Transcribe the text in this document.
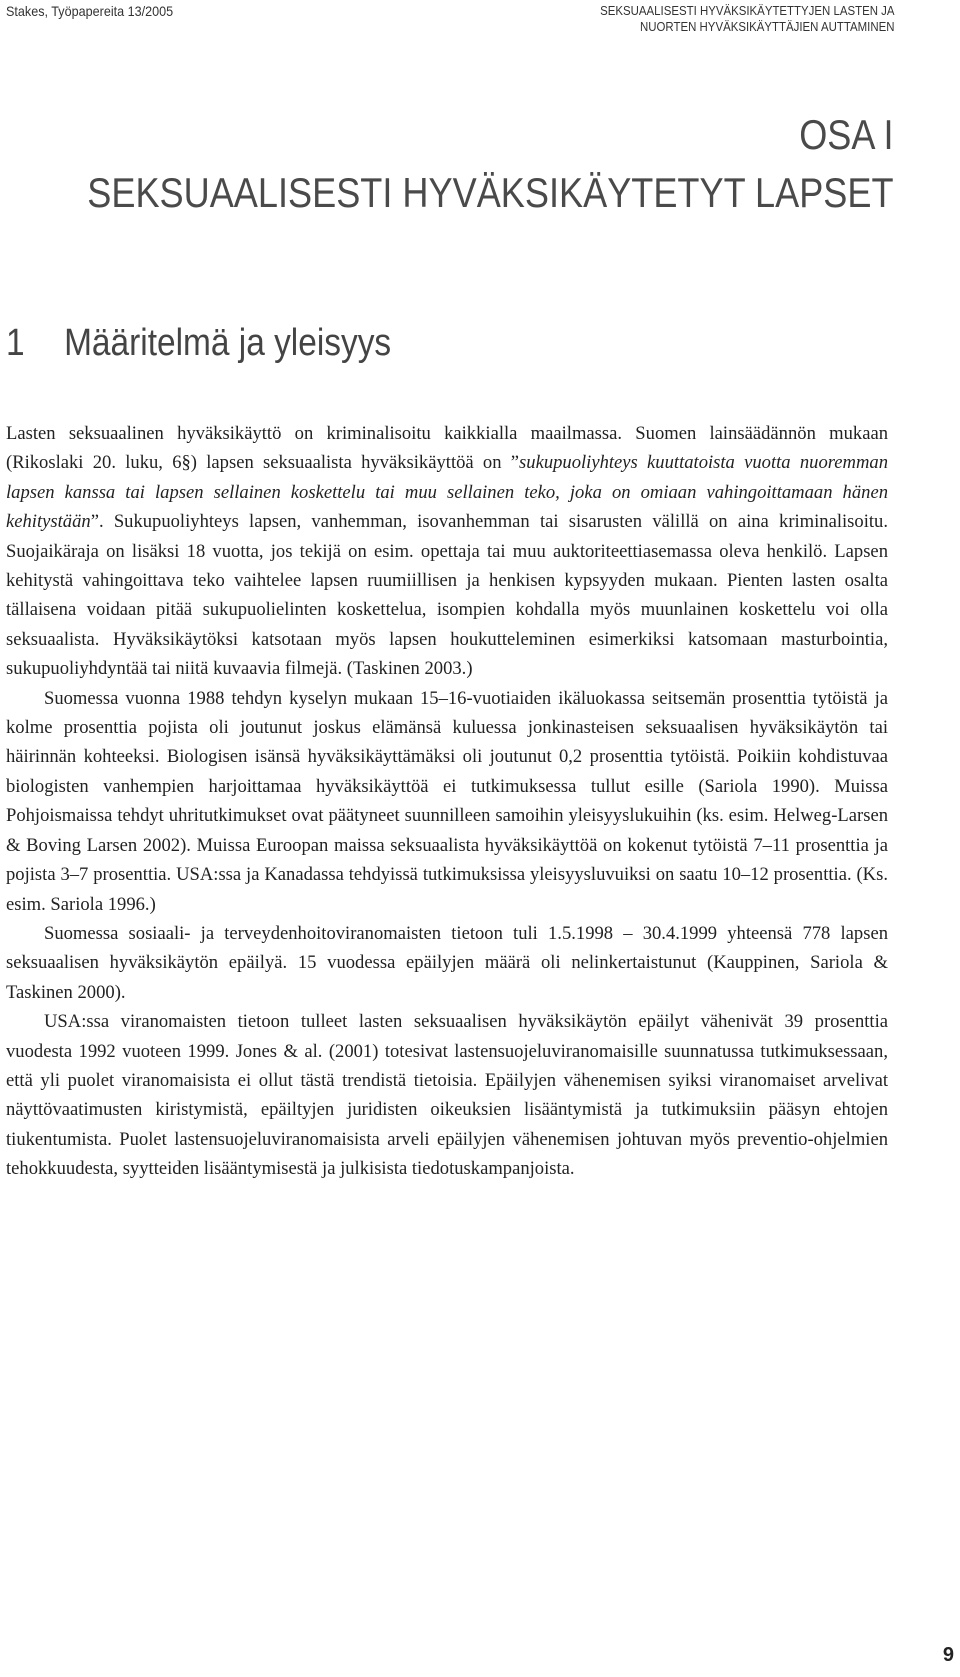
Stakes, Työpapereita 13/2005	SEKSUAALISESTI HYVÄKSIKÄYTETTYJEN LASTEN JA
NUORTEN HYVÄKSIKÄYTTÄJIEN AUTTAMINEN
OSA I
SEKSUAALISESTI HYVÄKSIKÄYTETYT LAPSET
1 Määritelmä ja yleisyys

Lasten seksuaalinen hyväksikäyttö on kriminalisoitu kaikkialla maailmassa. Suomen lainsäädännön mukaan (Rikoslaki 20. luku, 6§) lapsen seksuaalista hyväksikäyttöä on ”sukupuoliyhteys kuuttatoista vuotta nuoremman lapsen kanssa tai lapsen sellainen koskettelu tai muu sellainen teko, joka on omiaan vahingoittamaan hänen kehitystään”. Sukupuoliyhteys lapsen, vanhemman, isovanhemman tai sisarusten välillä on aina kriminalisoitu. Suojaikäraja on lisäksi 18 vuotta, jos tekijä on esim. opettaja tai muu auktoriteettiasemassa oleva henkilö. Lapsen kehitystä vahingoittava teko vaihtelee lapsen ruumiillisen ja henkisen kypsyyden mukaan. Pienten lasten osalta tällaisena voidaan pitää sukupuolielinten koskettelua, isompien kohdalla myös muunlainen koskettelu voi olla seksuaalista. Hyväksikäytöksi katsotaan myös lapsen houkutteleminen esimerkiksi katsomaan masturbointia, sukupuoliyhdyntää tai niitä kuvaavia filmejä. (Taskinen 2003.)

Suomessa vuonna 1988 tehdyn kyselyn mukaan 15–16-vuotiaiden ikäluokassa seitsemän prosenttia tytöistä ja kolme prosenttia pojista oli joutunut joskus elämänsä kuluessa jonkinasteisen seksuaalisen hyväksikäytön tai häirinnän kohteeksi. Biologisen isänsä hyväksikäyttämäksi oli joutunut 0,2 prosenttia tytöistä. Poikiin kohdistuvaa biologisten vanhempien harjoittamaa hyväksikäyttöä ei tutkimuksessa tullut esille (Sariola 1990). Muissa Pohjoismaissa tehdyt uhritutkimukset ovat päätyneet suunnilleen samoihin yleisyyslukuihin (ks. esim. Helweg-Larsen & Boving Larsen 2002). Muissa Euroopan maissa seksuaalista hyväksikäyttöä on kokenut tytöistä 7–11 prosenttia ja pojista 3–7 prosenttia. USA:ssa ja Kanadassa tehdyissä tutkimuksissa yleisyysluvuiksi on saatu 10–12 prosenttia. (Ks. esim. Sariola 1996.)

Suomessa sosiaali- ja terveydenhoitoviranomaisten tietoon tuli 1.5.1998 – 30.4.1999 yhteensä 778 lapsen seksuaalisen hyväksikäytön epäilyä. 15 vuodessa epäilyjen määrä oli nelinkertaistunut (Kauppinen, Sariola & Taskinen 2000).

USA:ssa viranomaisten tietoon tulleet lasten seksuaalisen hyväksikäytön epäilyt vähenivät 39 prosenttia vuodesta 1992 vuoteen 1999. Jones & al. (2001) totesivat lastensuojeluviranomaisille suunnatussa tutkimuksessaan, että yli puolet viranomaisista ei ollut tästä trendistä tietoisia. Epäilyjen vähenemisen syiksi viranomaiset arvelivat näyttövaatimusten kiristymistä, epäiltyjen juridisten oikeuksien lisääntymistä ja tutkimuksiin pääsyn ehtojen tiukentumista. Puolet lastensuojeluviranomaisista arveli epäilyjen vähenemisen johtuvan myös preventio-ohjelmien tehokkuudesta, syytteiden lisääntymisestä ja julkisista tiedotuskampanjoista.

9
